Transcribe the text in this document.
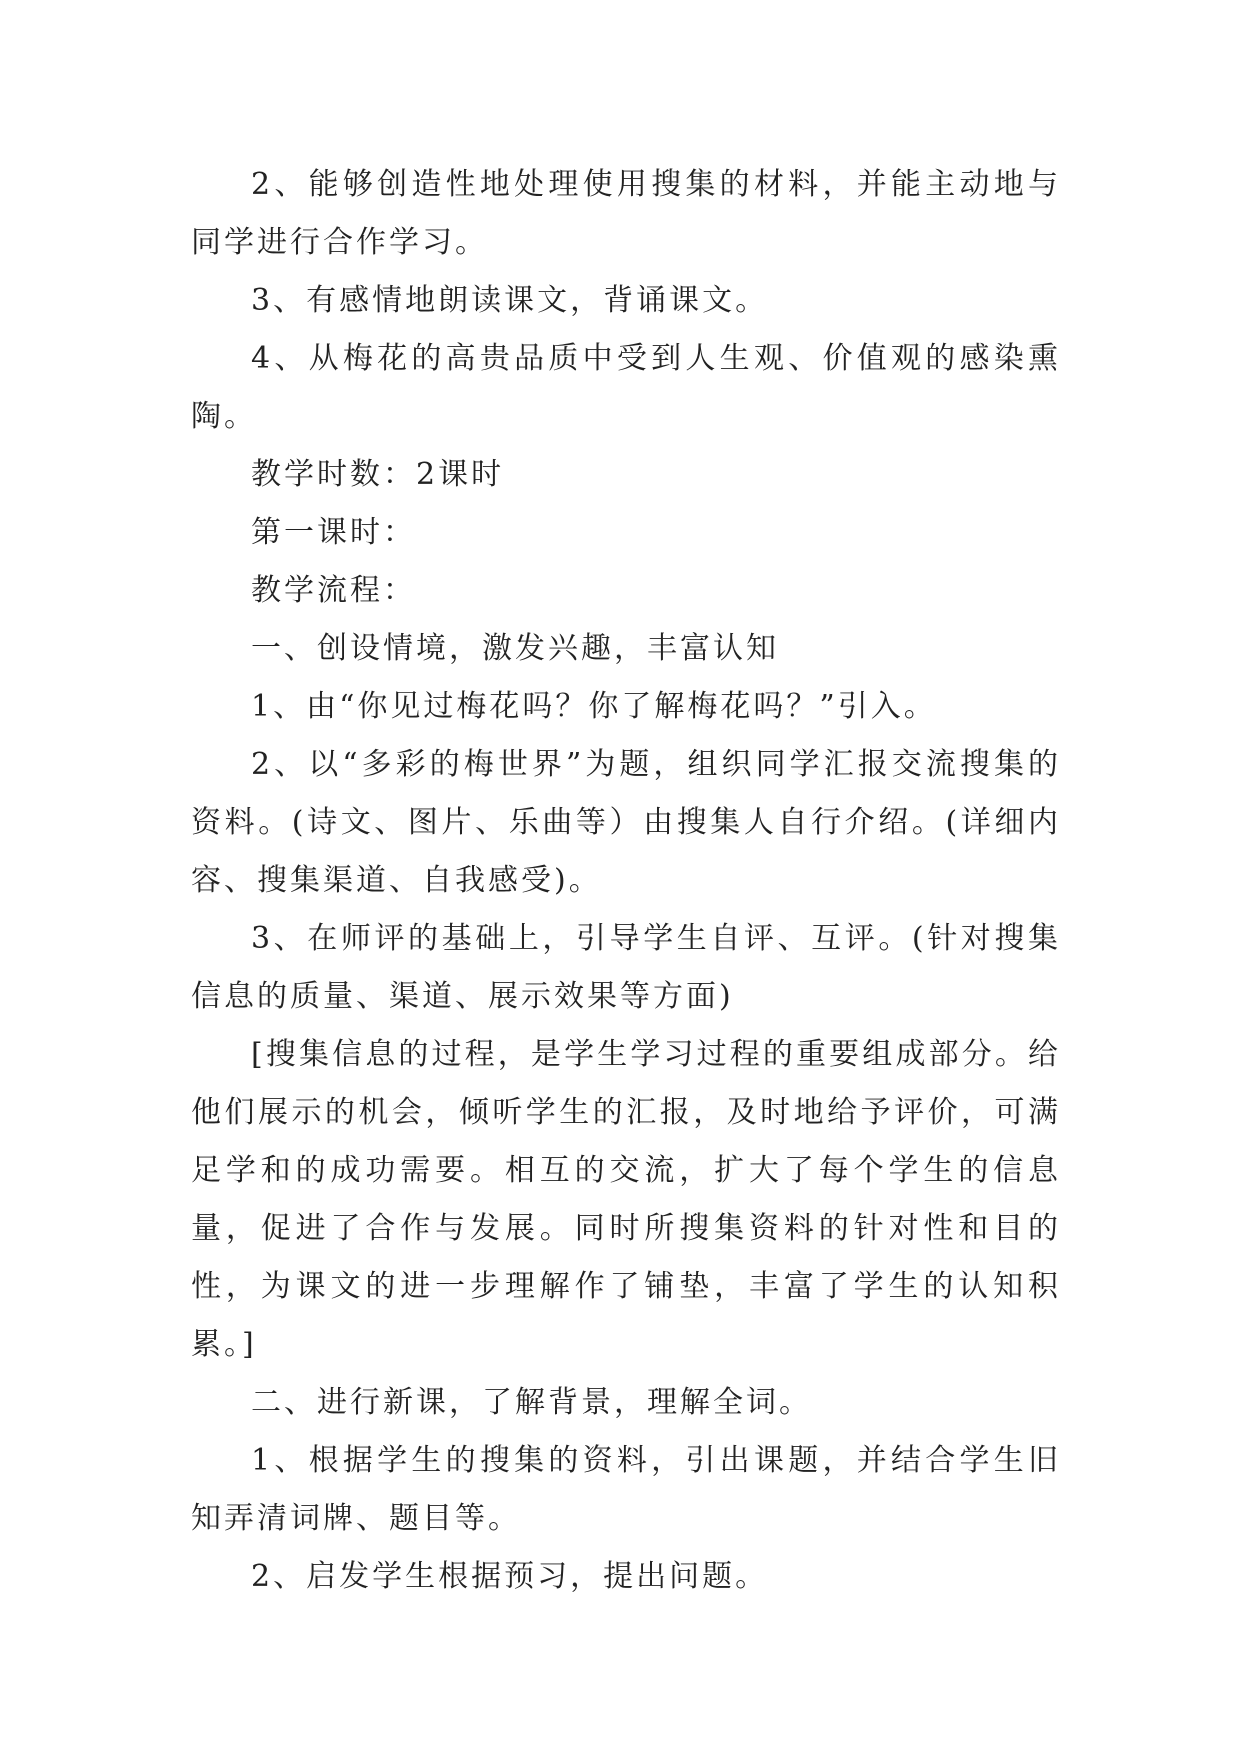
2、能够创造性地处理使用搜集的材料，并能主动地与同学进行合作学习。

3、有感情地朗读课文，背诵课文。

4、从梅花的高贵品质中受到人生观、价值观的感染熏陶。

教学时数：2课时

第一课时：

教学流程：

一、创设情境，激发兴趣，丰富认知

1、由“你见过梅花吗？你了解梅花吗？”引入。

2、以“多彩的梅世界”为题，组织同学汇报交流搜集的资料。(诗文、图片、乐曲等）由搜集人自行介绍。(详细内容、搜集渠道、自我感受)。

3、在师评的基础上，引导学生自评、互评。(针对搜集信息的质量、渠道、展示效果等方面)

[搜集信息的过程，是学生学习过程的重要组成部分。给他们展示的机会，倾听学生的汇报，及时地给予评价，可满足学和的成功需要。相互的交流，扩大了每个学生的信息量，促进了合作与发展。同时所搜集资料的针对性和目的性，为课文的进一步理解作了铺垫，丰富了学生的认知积累。]

二、进行新课，了解背景，理解全词。

1、根据学生的搜集的资料，引出课题，并结合学生旧知弄清词牌、题目等。

2、启发学生根据预习，提出问题。
